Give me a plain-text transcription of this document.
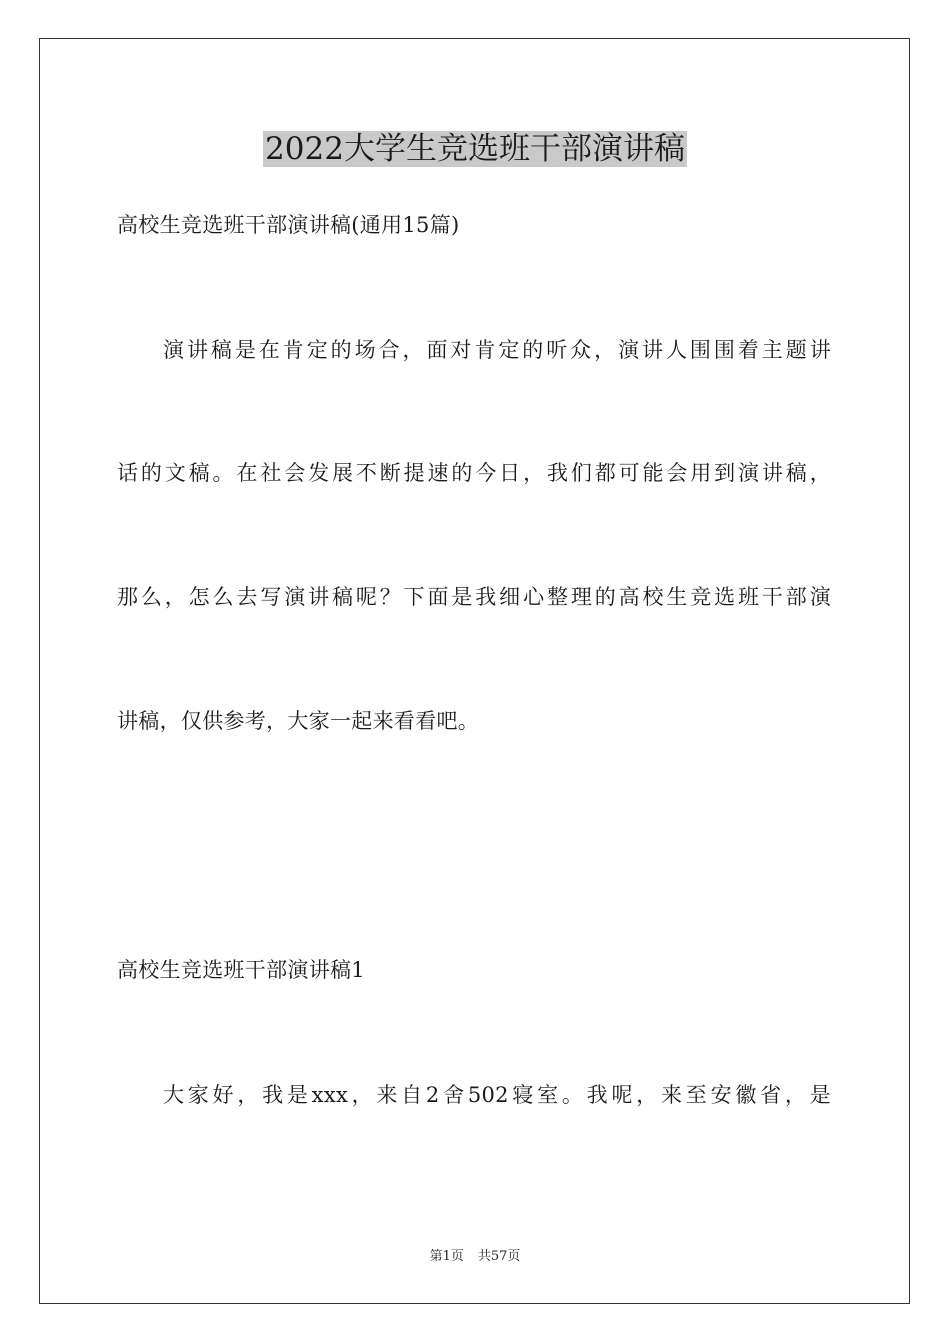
2022大学生竞选班干部演讲稿
高校生竞选班干部演讲稿(通用15篇)
演讲稿是在肯定的场合，面对肯定的听众，演讲人围围着主题讲
话的文稿。在社会发展不断提速的今日，我们都可能会用到演讲稿，
那么，怎么去写演讲稿呢？下面是我细心整理的高校生竞选班干部演
讲稿，仅供参考，大家一起来看看吧。
高校生竞选班干部演讲稿1
大家好，我是xxx，来自2舍502寝室。我呢，来至安徽省，是
第1页 共57页
